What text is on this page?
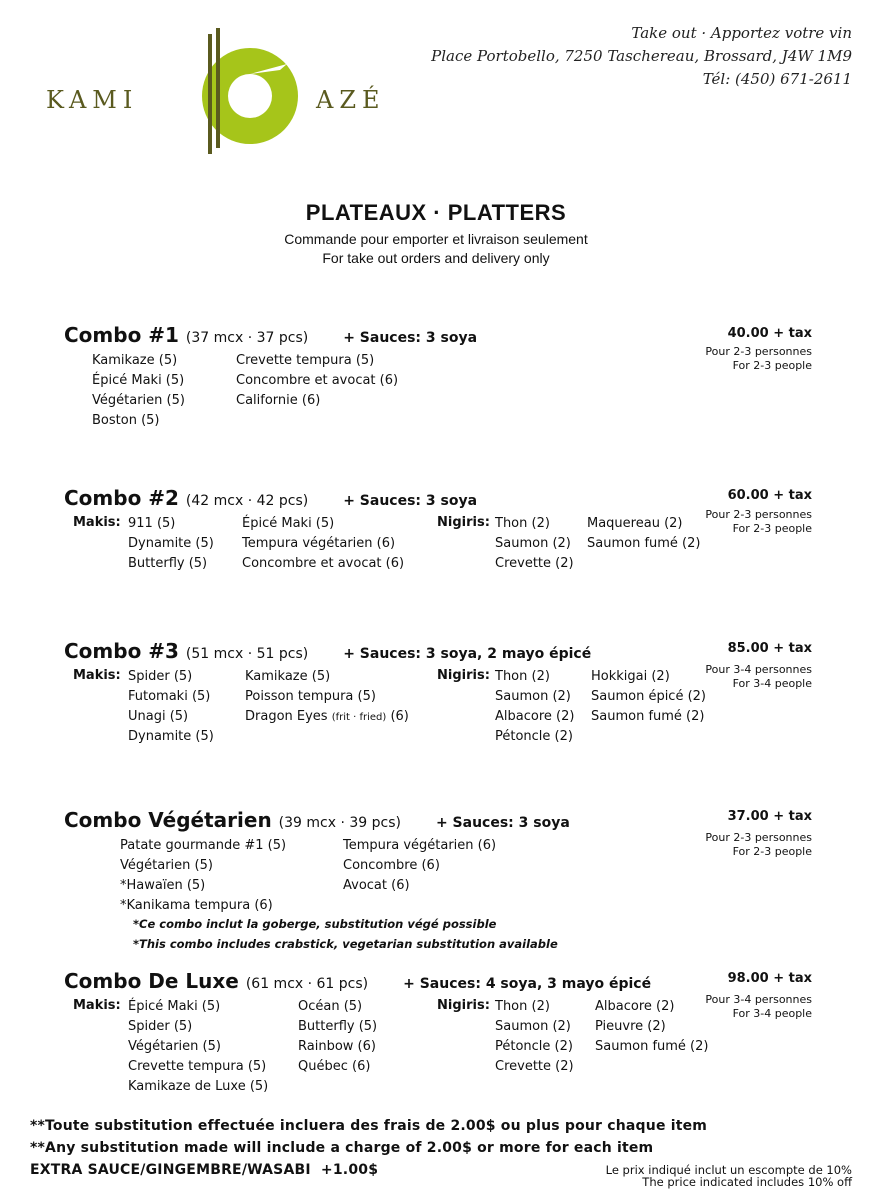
KAMI	AZÉ
Take out · Apportez votre vin
Place Portobello, 7250 Taschereau, Brossard, J4W 1M9
Tél: (450) 671-2611
PLATEAUX · PLATTERS
Commande pour emporter et livraison seulement
For take out orders and delivery only
Combo #1 (37 mcx · 37 pcs) + Sauces: 3 soya	40.00 + tax
Pour 2-3 personnes
For 2-3 people
Kamikaze (5)
Épicé Maki (5)
Végétarien (5)
Boston (5)
Crevette tempura (5)
Concombre et avocat (6)
Californie (6)
Combo #2 (42 mcx · 42 pcs) + Sauces: 3 soya	60.00 + tax
Pour 2-3 personnes
For 2-3 people
Makis: 911 (5)
Dynamite (5)
Butterfly (5)
Épicé Maki (5)
Tempura végétarien (6)
Concombre et avocat (6)
Nigiris: Thon (2)
Saumon (2)
Crevette (2)
Maquereau (2)
Saumon fumé (2)
Combo #3 (51 mcx · 51 pcs) + Sauces: 3 soya, 2 mayo épicé	85.00 + tax
Pour 3-4 personnes
For 3-4 people
Makis: Spider (5)
Futomaki (5)
Unagi (5)
Dynamite (5)
Kamikaze (5)
Poisson tempura (5)
Dragon Eyes (frit · fried) (6)
Nigiris: Thon (2)
Saumon (2)
Albacore (2)
Pétoncle (2)
Hokkigai (2)
Saumon épicé (2)
Saumon fumé (2)
Combo Végétarien (39 mcx · 39 pcs) + Sauces: 3 soya	37.00 + tax
Pour 2-3 personnes
For 2-3 people
Patate gourmande #1 (5)
Végétarien (5)
*Hawaïen (5)
*Kanikama tempura (6)
Tempura végétarien (6)
Concombre (6)
Avocat (6)
*Ce combo inclut la goberge, substitution végé possible
*This combo includes crabstick, vegetarian substitution available
Combo De Luxe (61 mcx · 61 pcs) + Sauces: 4 soya, 3 mayo épicé	98.00 + tax
Pour 3-4 personnes
For 3-4 people
Makis: Épicé Maki (5)
Spider (5)
Végétarien (5)
Crevette tempura (5)
Kamikaze de Luxe (5)
Océan (5)
Butterfly (5)
Rainbow (6)
Québec (6)
Nigiris: Thon (2)
Saumon (2)
Pétoncle (2)
Crevette (2)
Albacore (2)
Pieuvre (2)
Saumon fumé (2)
**Toute substitution effectuée incluera des frais de 2.00$ ou plus pour chaque item
**Any substitution made will include a charge of 2.00$ or more for each item
EXTRA SAUCE/GINGEMBRE/WASABI  +1.00$	Le prix indiqué inclut un escompte de 10%
The price indicated includes 10% off
